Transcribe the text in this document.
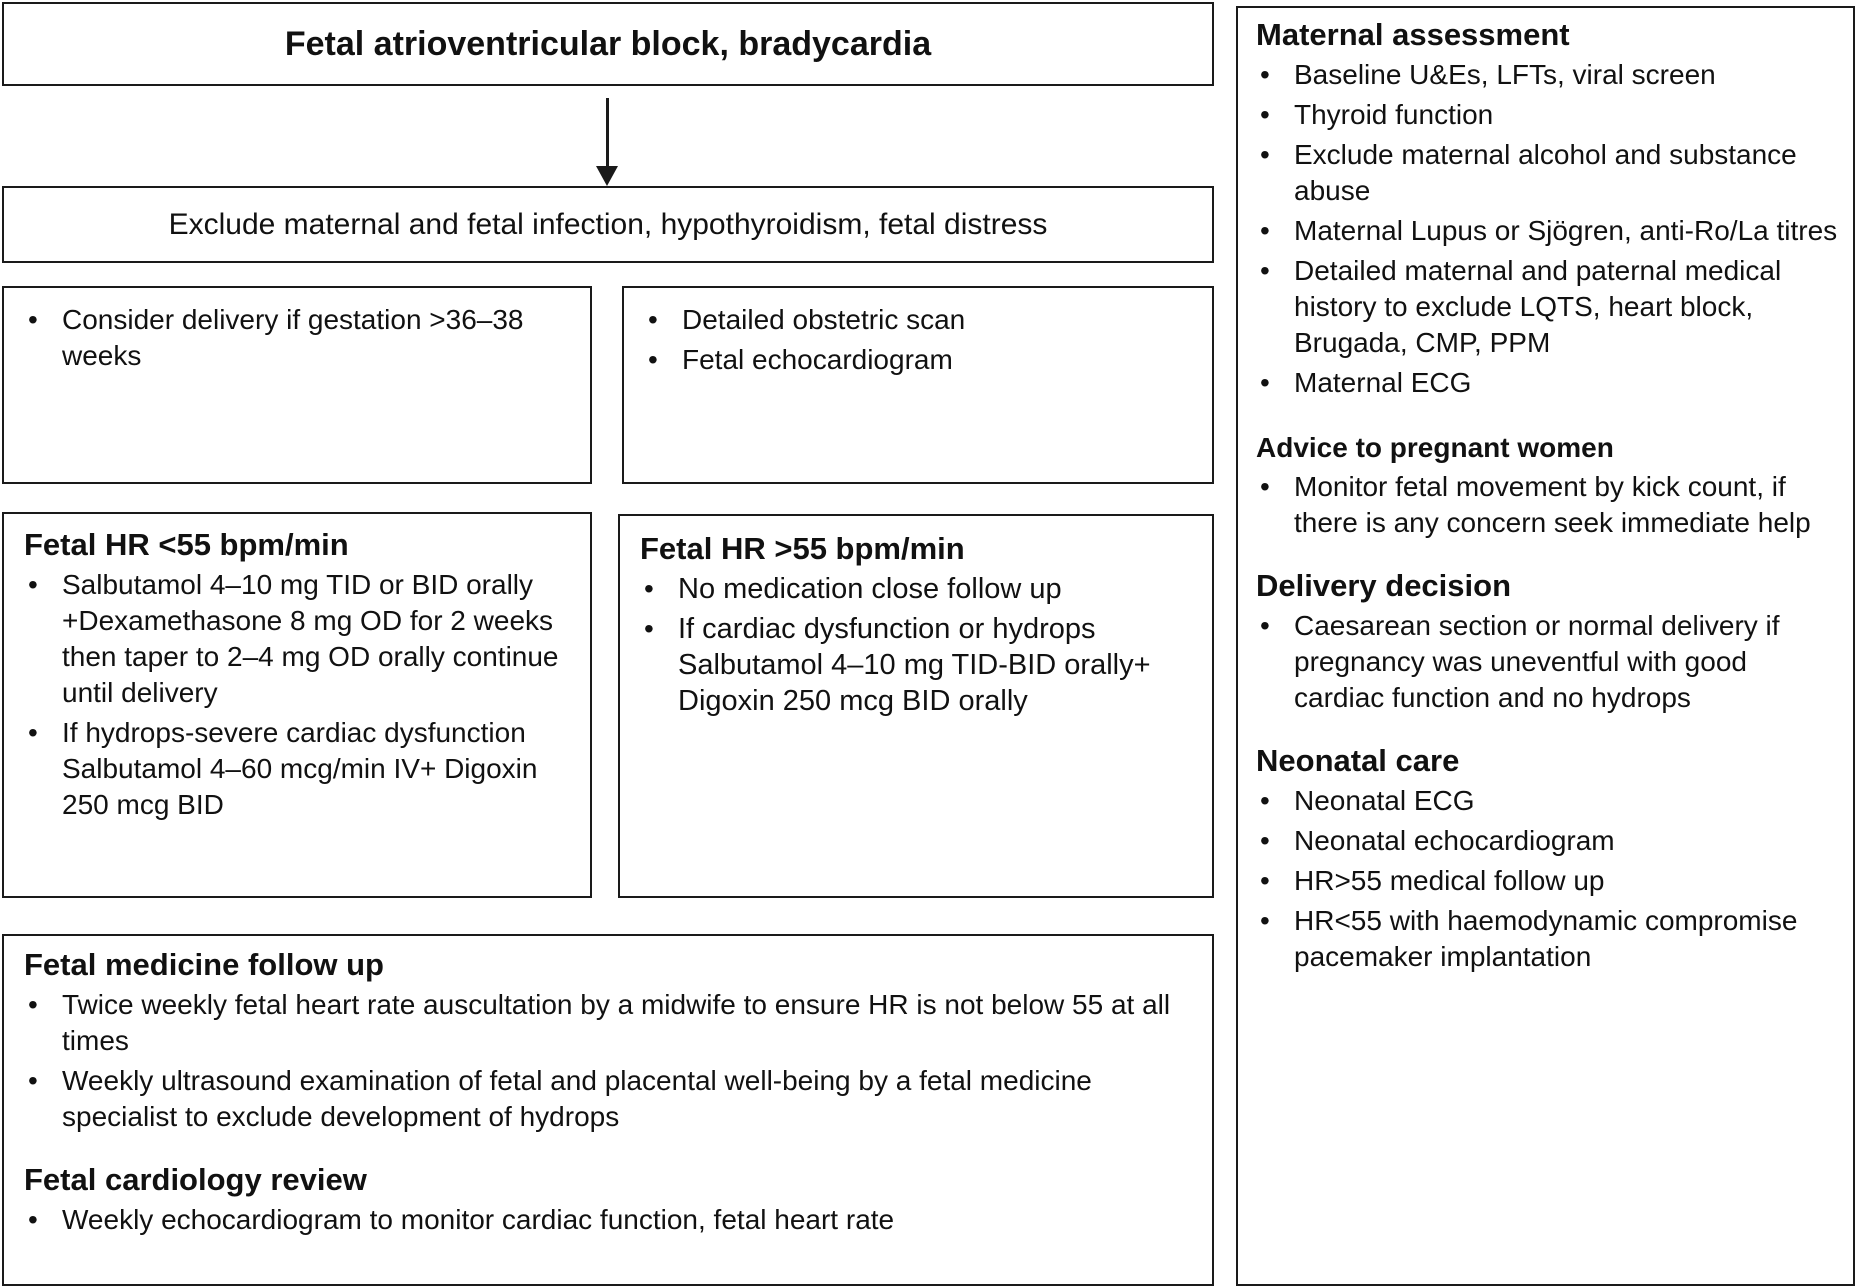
Fetal atrioventricular block, bradycardia
Exclude maternal and fetal infection, hypothyroidism, fetal distress
• Consider delivery if gestation >36–38 weeks
• Detailed obstetric scan
• Fetal echocardiogram
Fetal HR <55 bpm/min
• Salbutamol 4–10 mg TID or BID orally +Dexamethasone 8 mg OD for 2 weeks then taper to 2–4 mg OD orally continue until delivery
• If hydrops-severe cardiac dysfunction Salbutamol 4–60 mcg/min IV+ Digoxin 250 mcg BID
Fetal HR >55 bpm/min
• No medication close follow up
• If cardiac dysfunction or hydrops Salbutamol 4–10 mg TID-BID orally+ Digoxin 250 mcg BID orally
Fetal medicine follow up
• Twice weekly fetal heart rate auscultation by a midwife to ensure HR is not below 55 at all times
• Weekly ultrasound examination of fetal and placental well-being by a fetal medicine specialist to exclude development of hydrops
Fetal cardiology review
• Weekly echocardiogram to monitor cardiac function, fetal heart rate
Maternal assessment
• Baseline U&Es, LFTs, viral screen
• Thyroid function
• Exclude maternal alcohol and substance abuse
• Maternal Lupus or Sjögren, anti-Ro/La titres
• Detailed maternal and paternal medical history to exclude LQTS, heart block, Brugada, CMP, PPM
• Maternal ECG
Advice to pregnant women
• Monitor fetal movement by kick count, if there is any concern seek immediate help
Delivery decision
• Caesarean section or normal delivery if pregnancy was uneventful with good cardiac function and no hydrops
Neonatal care
• Neonatal ECG
• Neonatal echocardiogram
• HR>55 medical follow up
• HR<55 with haemodynamic compromise pacemaker implantation
